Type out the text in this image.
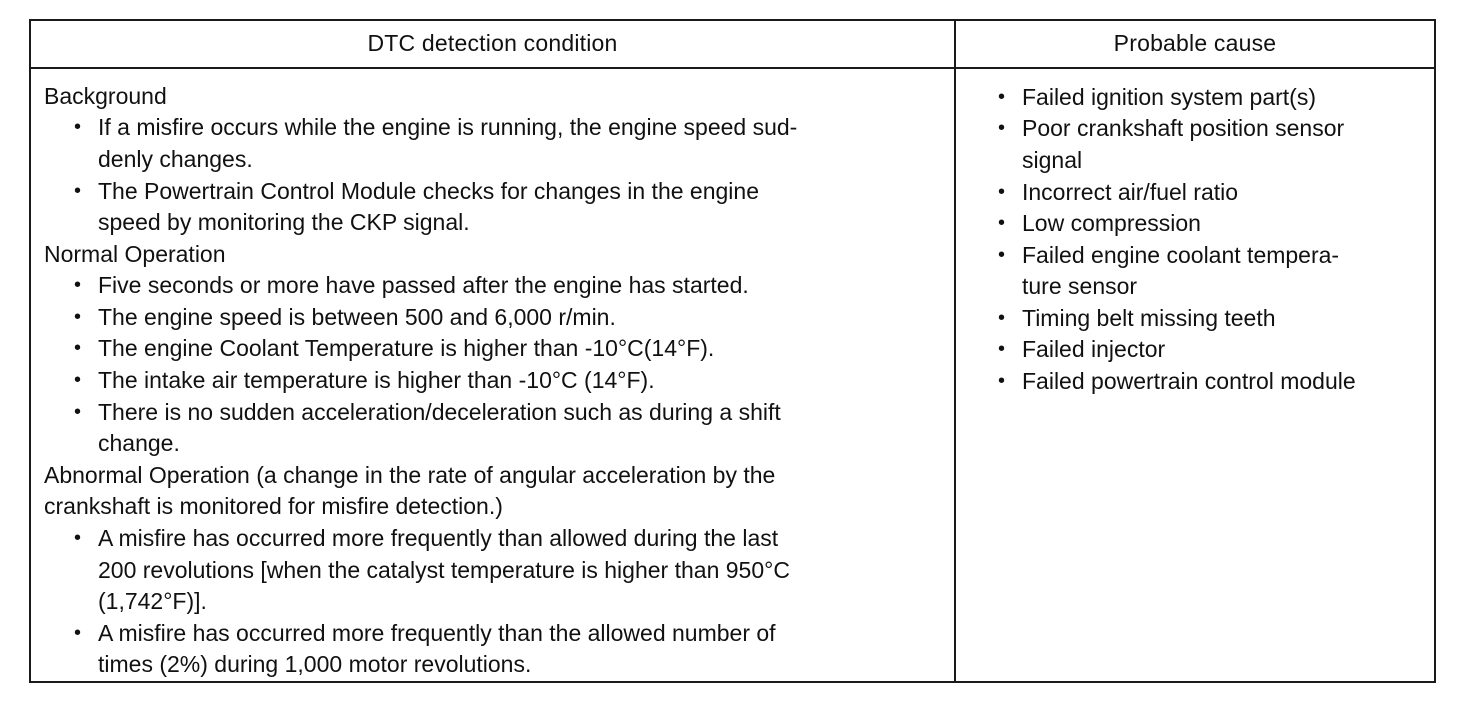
DTC detection condition	Probable cause
Background
• If a misfire occurs while the engine is running, the engine speed sud-
denly changes.
• The Powertrain Control Module checks for changes in the engine
speed by monitoring the CKP signal.
Normal Operation
• Five seconds or more have passed after the engine has started.
• The engine speed is between 500 and 6,000 r/min.
• The engine Coolant Temperature is higher than -10°C(14°F).
• The intake air temperature is higher than -10°C (14°F).
• There is no sudden acceleration/deceleration such as during a shift
change.
Abnormal Operation (a change in the rate of angular acceleration by the
crankshaft is monitored for misfire detection.)
• A misfire has occurred more frequently than allowed during the last
200 revolutions [when the catalyst temperature is higher than 950°C
(1,742°F)].
• A misfire has occurred more frequently than the allowed number of
times (2%) during 1,000 motor revolutions.
• Failed ignition system part(s)
• Poor crankshaft position sensor
signal
• Incorrect air/fuel ratio
• Low compression
• Failed engine coolant tempera-
ture sensor
• Timing belt missing teeth
• Failed injector
• Failed powertrain control module
